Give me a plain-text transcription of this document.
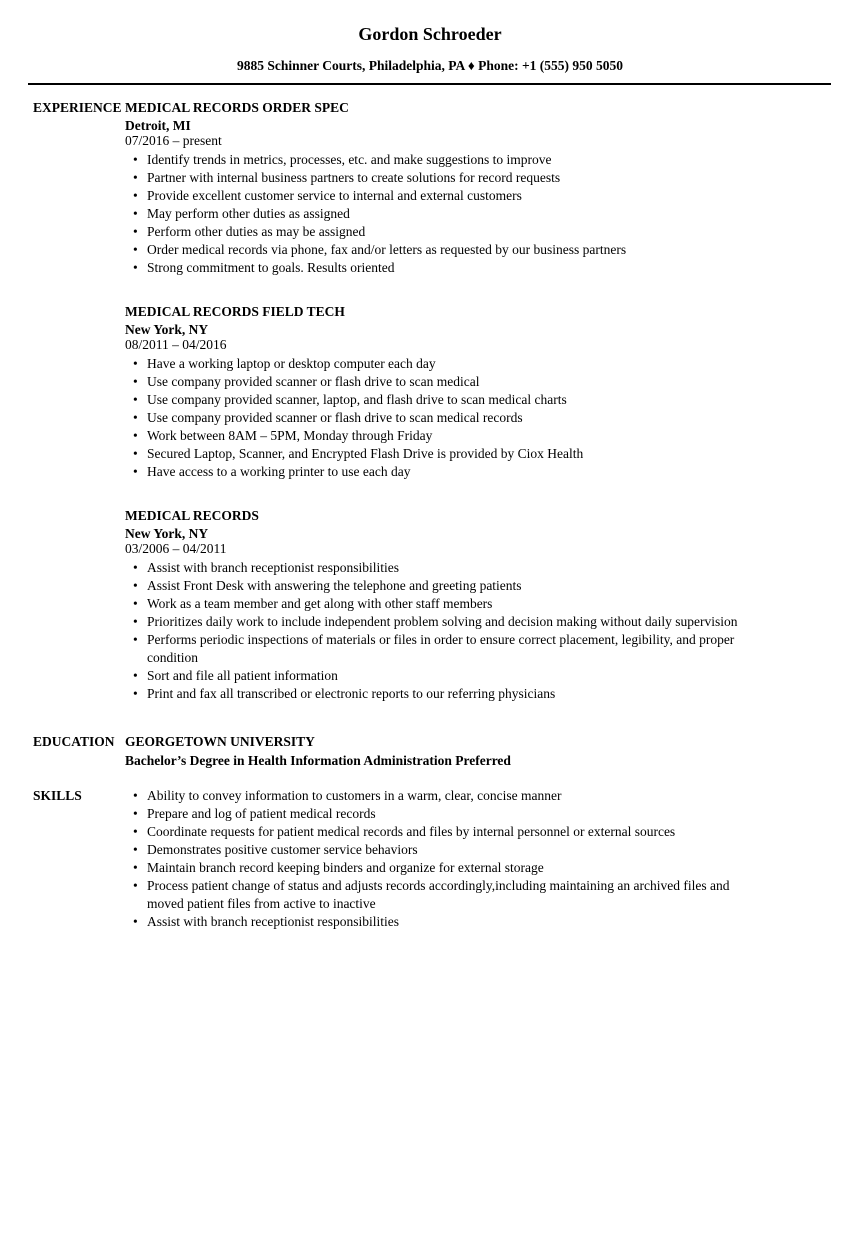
Gordon Schroeder
9885 Schinner Courts, Philadelphia, PA ♦ Phone: +1 (555) 950 5050
EXPERIENCE MEDICAL RECORDS ORDER SPEC
Detroit, MI
07/2016 – present
• Identify trends in metrics, processes, etc. and make suggestions to improve
• Partner with internal business partners to create solutions for record requests
• Provide excellent customer service to internal and external customers
• May perform other duties as assigned
• Perform other duties as may be assigned
• Order medical records via phone, fax and/or letters as requested by our business partners
• Strong commitment to goals. Results oriented
MEDICAL RECORDS FIELD TECH
New York, NY
08/2011 – 04/2016
• Have a working laptop or desktop computer each day
• Use company provided scanner or flash drive to scan medical
• Use company provided scanner, laptop, and flash drive to scan medical charts
• Use company provided scanner or flash drive to scan medical records
• Work between 8AM – 5PM, Monday through Friday
• Secured Laptop, Scanner, and Encrypted Flash Drive is provided by Ciox Health
• Have access to a working printer to use each day
MEDICAL RECORDS
New York, NY
03/2006 – 04/2011
• Assist with branch receptionist responsibilities
• Assist Front Desk with answering the telephone and greeting patients
• Work as a team member and get along with other staff members
• Prioritizes daily work to include independent problem solving and decision making without daily supervision
• Performs periodic inspections of materials or files in order to ensure correct placement, legibility, and proper condition
• Sort and file all patient information
• Print and fax all transcribed or electronic reports to our referring physicians
EDUCATION GEORGETOWN UNIVERSITY
Bachelor’s Degree in Health Information Administration Preferred
SKILLS	• Ability to convey information to customers in a warm, clear, concise manner
• Prepare and log of patient medical records
• Coordinate requests for patient medical records and files by internal personnel or external sources
• Demonstrates positive customer service behaviors
• Maintain branch record keeping binders and organize for external storage
• Process patient change of status and adjusts records accordingly,including maintaining an archived files and moved patient files from active to inactive
• Assist with branch receptionist responsibilities
